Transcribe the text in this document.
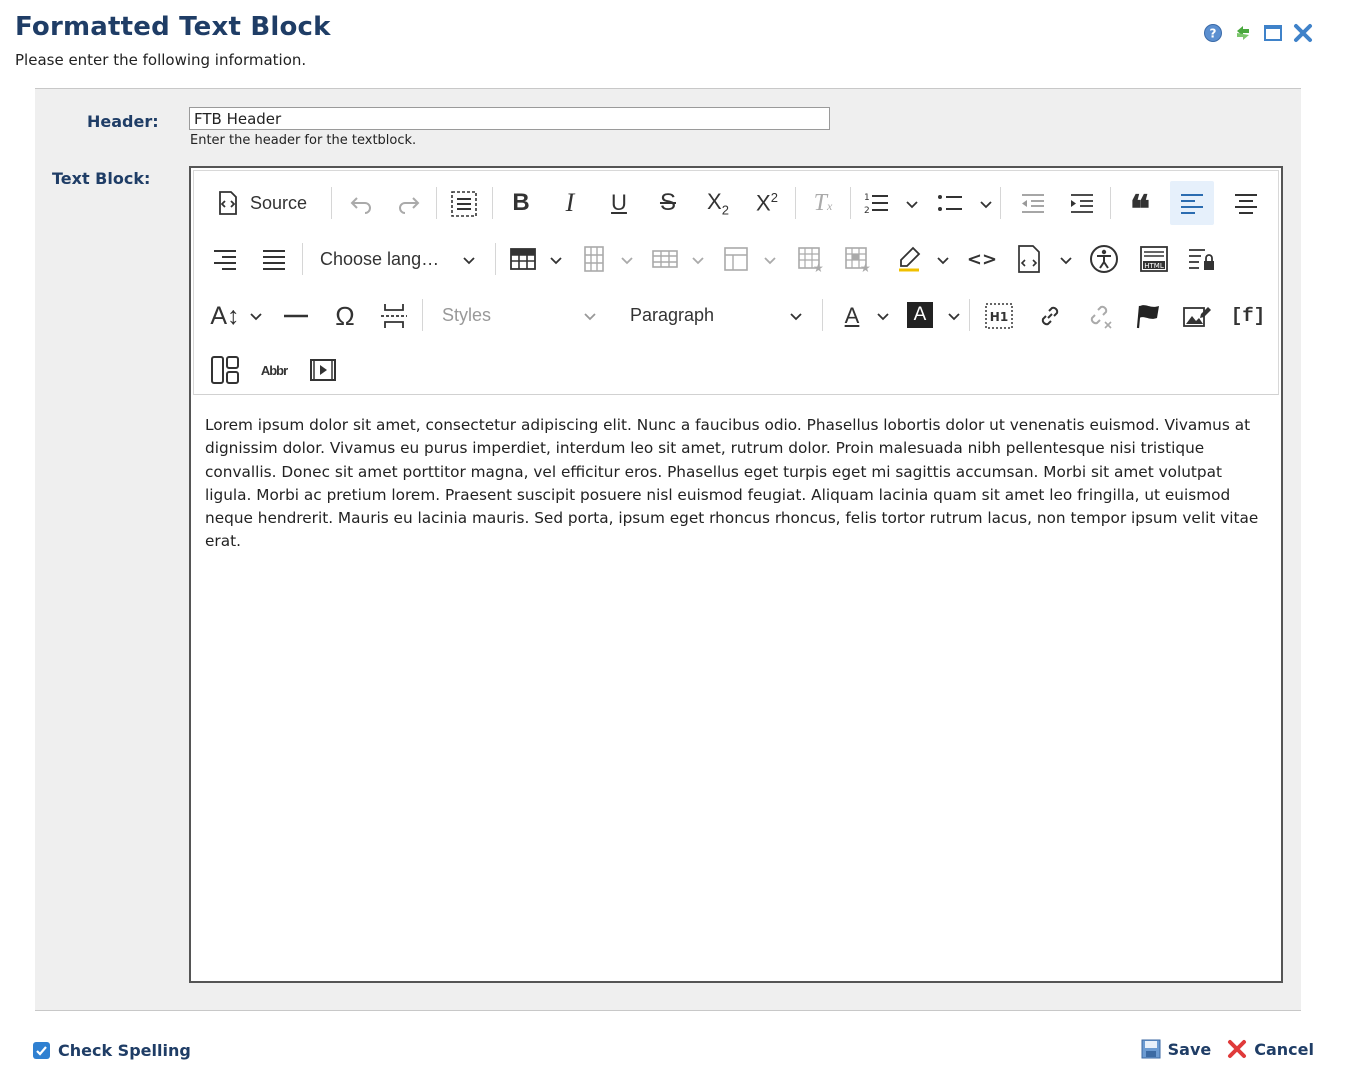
Formatted Text Block
Please enter the following information.
?
Header:
FTB Header
Enter the header for the textblock.
Text Block:
Source	B I U S $X_2$ $X^2$ Tx
1
2	❝
Choose lang…	★	★	<>	HTML
A↕	Ω	Styles	Paragraph	A	A	H1	[f]
Abbr
Lorem ipsum dolor sit amet, consectetur adipiscing elit. Nunc a faucibus odio. Phasellus lobortis dolor ut venenatis euismod. Vivamus at dignissim dolor. Vivamus eu purus imperdiet, interdum leo sit amet, rutrum dolor. Proin malesuada nibh pellentesque nisi tristique convallis. Donec sit amet porttitor magna, vel efficitur eros. Phasellus eget turpis eget mi sagittis accumsan. Morbi sit amet volutpat ligula. Morbi ac pretium lorem. Praesent suscipit posuere nisl euismod feugiat. Aliquam lacinia quam sit amet leo fringilla, ut euismod neque hendrerit. Mauris eu lacinia mauris. Sed porta, ipsum eget rhoncus rhoncus, felis tortor rutrum lacus, non tempor ipsum velit vitae erat.
Check Spelling	Save	Cancel
